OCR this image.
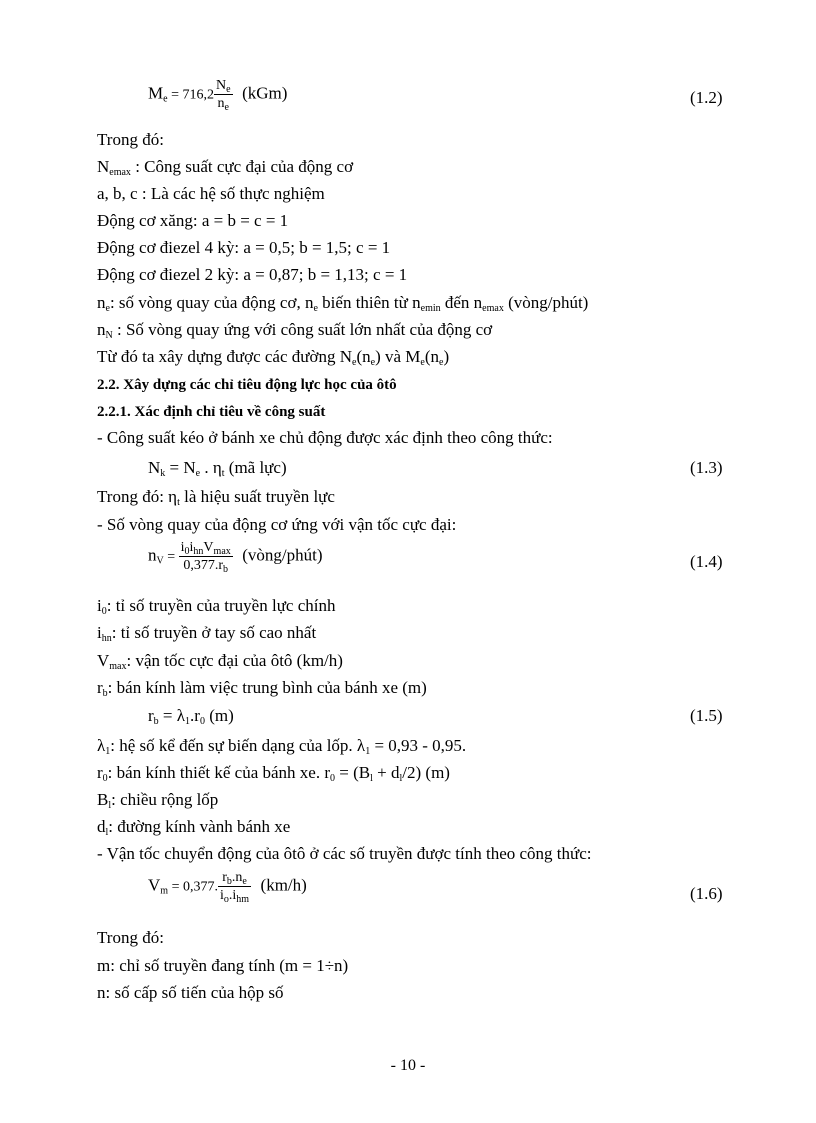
$M_e = 716,2 \frac{N_e}{n_e} (kGm)$	(1.2)
Trong đó:
$N_{emax}$ : Công suất cực đại của động cơ
a, b, c : Là các hệ số thực nghiệm
Động cơ xăng: a = b = c = 1
Động cơ điezel 4 kỳ: a = 0,5; b = 1,5; c = 1
Động cơ điezel 2 kỳ: a = 0,87; b = 1,13; c = 1
$n_e$: số vòng quay của động cơ, $n_e$ biến thiên từ $n_{emin}$ đến $n_{emax}$ (vòng/phút)
$n_N$ : Số vòng quay ứng với công suất lớn nhất của động cơ
Từ đó ta xây dựng được các đường $N_e(n_e)$ và $M_e(n_e)$
2.2. Xây dựng các chỉ tiêu động lực học của ôtô
2.2.1. Xác định chỉ tiêu về công suất
- Công suất kéo ở bánh xe chủ động được xác định theo công thức:
$N_k = N_e$ . $\eta_t$ (mã lực)	(1.3)
Trong đó: $\eta_t$ là hiệu suất truyền lực
- Số vòng quay của động cơ ứng với vận tốc cực đại:
$n_V = \frac{i_0i_{hn}V_{max}}{0,377.r_b}$ (vòng/phút)	(1.4)
$i_0$: tỉ số truyền của truyền lực chính
$i_{hn}$: tỉ số truyền ở tay số cao nhất
$V_{max}$: vận tốc cực đại của ôtô (km/h)
$r_b$: bán kính làm việc trung bình của bánh xe (m)
$r_b = \lambda_1.r_0$ (m)	(1.5)
$\lambda_1$: hệ số kể đến sự biến dạng của lốp. $\lambda_1 = 0,93 - 0,95$.
$r_0$: bán kính thiết kế của bánh xe. $r_0 = (B_l + d_l/2)$ (m)
$B_l$: chiều rộng lốp
$d_l$: đường kính vành bánh xe
- Vận tốc chuyển động của ôtô ở các số truyền được tính theo công thức:
$V_m = 0,377$. $\frac{r_b.n_e}{i_o.i_{hm}} (km/h)$	(1.6)
Trong đó:
m: chỉ số truyền đang tính (m = 1÷n)
n: số cấp số tiến của hộp số
- 10 -
